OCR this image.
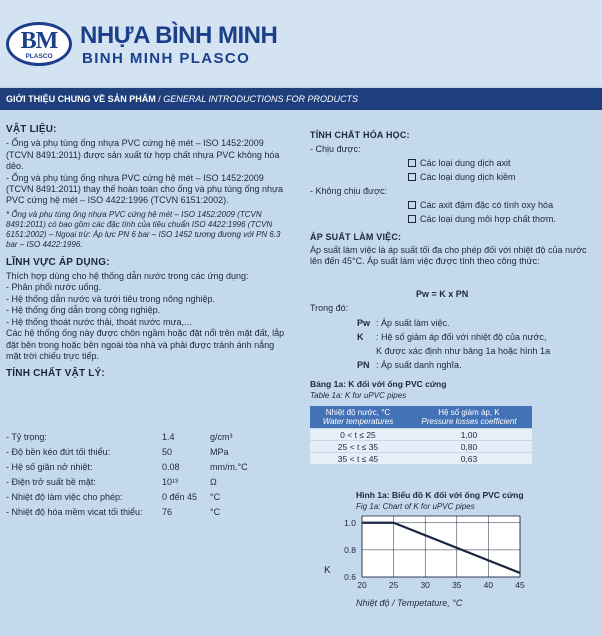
BM
PLASCO
NHỰA BÌNH MINH
BINH MINH PLASCO
GIỚI THIỆU CHUNG VỀ SẢN PHẨM / GENERAL INTRODUCTIONS FOR PRODUCTS

VẬT LIỆU:

- Ống và phụ tùng ống nhựa PVC cứng hệ mét – ISO 1452:2009 (TCVN 8491:2011) được sản xuất từ hợp chất nhựa PVC không hóa dẻo.

- Ống và phụ tùng ống nhựa PVC cứng hệ mét – ISO 1452:2009 (TCVN 8491:2011) thay thế hoàn toàn cho ống và phụ tùng ống nhựa PVC cứng hệ mét – ISO 4422:1996 (TCVN 6151:2002).

* Ống và phụ tùng ống nhựa PVC cứng hệ mét – ISO 1452:2009 (TCVN 8491:2011) có bao gồm các đặc tính của tiêu chuẩn ISO 4422:1996 (TCVN 6151:2002) – Ngoại trừ: Áp lực PN 6 bar – ISO 1452 tương đương với PN 6.3 bar – ISO 4422:1996.

LĨNH VỰC ÁP DỤNG:

Thích hợp dùng cho hệ thống dẫn nước trong các ứng dụng:

- Phân phối nước uống.

- Hệ thống dẫn nước và tưới tiêu trong nông nghiệp.

- Hệ thống ống dẫn trong công nghiệp.

- Hệ thống thoát nước thải, thoát nước mưa,...

Các hệ thống ống này được chôn ngầm hoặc đặt nổi trên mặt đất, lắp đặt bên trong hoặc bên ngoài tòa nhà và phải được tránh ánh nắng mặt trời chiếu trực tiếp.

TÍNH CHẤT VẬT LÝ:

- Tỷ trọng:	1.4	g/cm³
- Độ bền kéo đứt tối thiểu:	50	MPa
- Hệ số giãn nở nhiệt:	0.08	mm/m.°C
- Điện trở suất bề mặt:	10¹³	Ω
- Nhiệt độ làm việc cho phép:	0 đến 45 °C
- Nhiệt độ hóa mềm vicat tối thiểu: 76	°C
TÍNH CHẤT HÓA HỌC:
- Chịu được:
Các loại dung dịch axit
Các loại dung dịch kiềm
- Không chịu được:
Các axit đậm đặc có tính oxy hóa
Các loại dung môi hợp chất thơm.
ÁP SUẤT LÀM VIỆC:
Áp suất làm việc là áp suất tối đa cho phép đối với nhiệt độ của nước lên đến 45°C. Áp suất làm việc được tính theo công thức:
Pw = K x PN
Trong đó:
Pw : Áp suất làm việc.
K : Hệ số giảm áp đối với nhiệt độ của nước,
K được xác định như bảng 1a hoặc hình 1a
PN : Áp suất danh nghĩa.
Bảng 1a: K đối với ống PVC cứng
Table 1a: K for uPVC pipes
Nhiệt độ nước, °C
Water temperatures	Hệ số giảm áp, K
Pressure losses coefficient
0 < t ≤ 25	1,00
25 < t ≤ 35	0,80
35 < t ≤ 45	0,63
Hình 1a: Biểu đồ K đối với ống PVC cứng
Fig 1a: Chart of K for uPVC pipes
20	25	30	35	40	45
0.6
0.8
1.0
K
Nhiệt độ / Tempetature, °C
